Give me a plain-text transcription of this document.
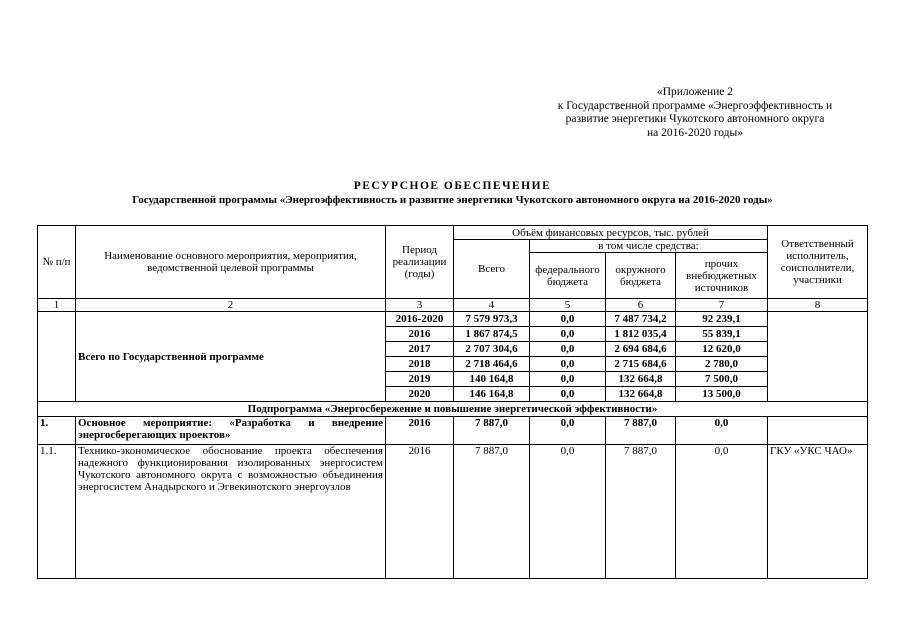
«Приложение 2
к Государственной программе «Энергоэффективность и
развитие энергетики Чукотского автономного округа
на 2016-2020 годы»
РЕСУРСНОЕ ОБЕСПЕЧЕНИЕ
Государственной программы «Энергоэффективность и развитие энергетики Чукотского автономного округа на 2016-2020 годы»
№ п/п	Наименование основного мероприятия, мероприятия, ведомственной целевой программы	Период реализации (годы)	Объём финансовых ресурсов, тыс. рублей				Ответственный исполнитель, соисполнители, участники
			Всего	в том числе средства:			
				федерального бюджета	окружного бюджета	прочих внебюджетных источников	
1	2	3	4	5	6	7	8
	Всего по Государственной программе	2016-2020	7 579 973,3	0,0	7 487 734,2	92 239,1	
		2016	1 867 874,5	0,0	1 812 035,4	55 839,1	
		2017	2 707 304,6	0,0	2 694 684,6	12 620,0	
		2018	2 718 464,6	0,0	2 715 684,6	2 780,0	
		2019	140 164,8	0,0	132 664,8	7 500,0	
		2020	146 164,8	0,0	132 664,8	13 500,0	
Подпрограмма «Энергосбережение и повышение энергетической эффективности»							
1.	Основное мероприятие: «Разработка и внедрение энергосберегающих проектов»	2016	7 887,0	0,0	7 887,0	0,0	
1.1.	Технико-экономическое обоснование проекта обеспечения надежного функционирования изолированных энергосистем Чукотского автономного округа с возможностью объединения энергосистем Анадырского и Эгвекинотского энергоузлов	2016	7 887,0	0,0	7 887,0	0,0	ГКУ «УКС ЧАО»
